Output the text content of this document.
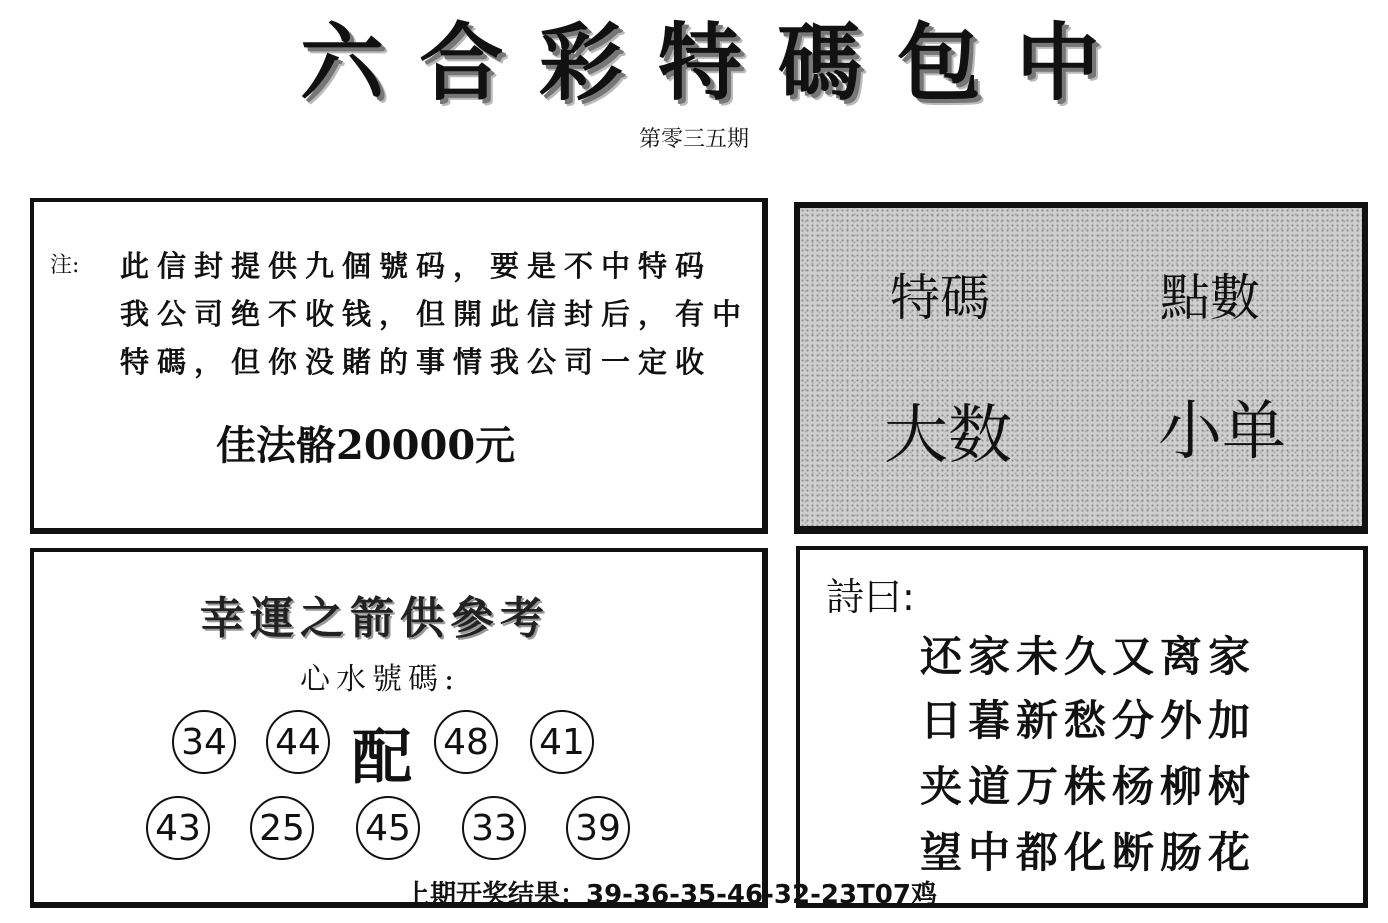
六 合 彩 特 碼 包 中
第零三五期
注: 此信封提供九個號码，要是不中特码
我公司绝不收钱，但開此信封后，有中
特碼，但你没賭的事情我公司一定收
佳法骼20000元
特碼	點數
大数 小单
幸運之箭供參考
心水號碼:
34 44 配 48 41
43 25 45 33 39
詩曰:
还家未久又离家
日暮新愁分外加
夹道万株杨柳树
望中都化断肠花
上期开奖结果：39-36-35-46-32-23T07鸡
